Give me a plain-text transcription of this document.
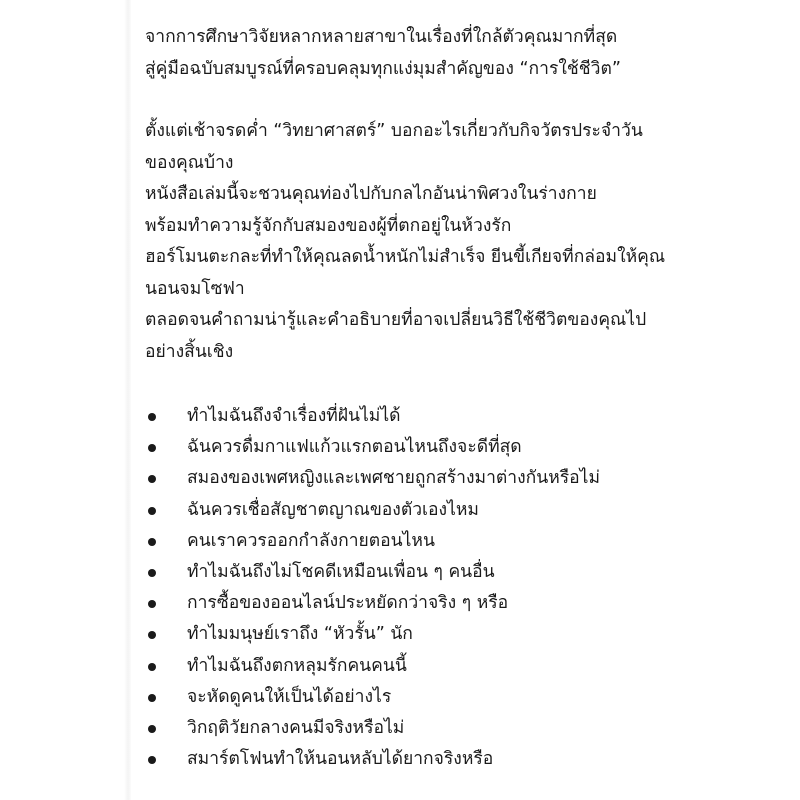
จากการศึกษาวิจัยหลากหลายสาขาในเรื่องที่ใกล้ตัวคุณมากที่สุด

สู่คู่มือฉบับสมบูรณ์ที่ครอบคลุมทุกแง่มุมสำคัญของ “การใช้ชีวิต”

ตั้งแต่เช้าจรดค่ำ “วิทยาศาสตร์” บอกอะไรเกี่ยวกับกิจวัตรประจำวัน

ของคุณบ้าง

หนังสือเล่มนี้จะชวนคุณท่องไปกับกลไกอันน่าพิศวงในร่างกาย

พร้อมทำความรู้จักกับสมองของผู้ที่ตกอยู่ในห้วงรัก

ฮอร์โมนตะกละที่ทำให้คุณลดน้ำหนักไม่สำเร็จ ยีนขี้เกียจที่กล่อมให้คุณ

นอนจมโซฟา

ตลอดจนคำถามน่ารู้และคำอธิบายที่อาจเปลี่ยนวิธีใช้ชีวิตของคุณไป

อย่างสิ้นเชิง

ทำไมฉันถึงจำเรื่องที่ฝันไม่ได้
ฉันควรดื่มกาแฟแก้วแรกตอนไหนถึงจะดีที่สุด
สมองของเพศหญิงและเพศชายถูกสร้างมาต่างกันหรือไม่
ฉันควรเชื่อสัญชาตญาณของตัวเองไหม
คนเราควรออกกำลังกายตอนไหน
ทำไมฉันถึงไม่โชคดีเหมือนเพื่อน ๆ คนอื่น
การซื้อของออนไลน์ประหยัดกว่าจริง ๆ หรือ
ทำไมมนุษย์เราถึง “หัวรั้น” นัก
ทำไมฉันถึงตกหลุมรักคนคนนี้
จะหัดดูคนให้เป็นได้อย่างไร
วิกฤติวัยกลางคนมีจริงหรือไม่
สมาร์ตโฟนทำให้นอนหลับได้ยากจริงหรือ
